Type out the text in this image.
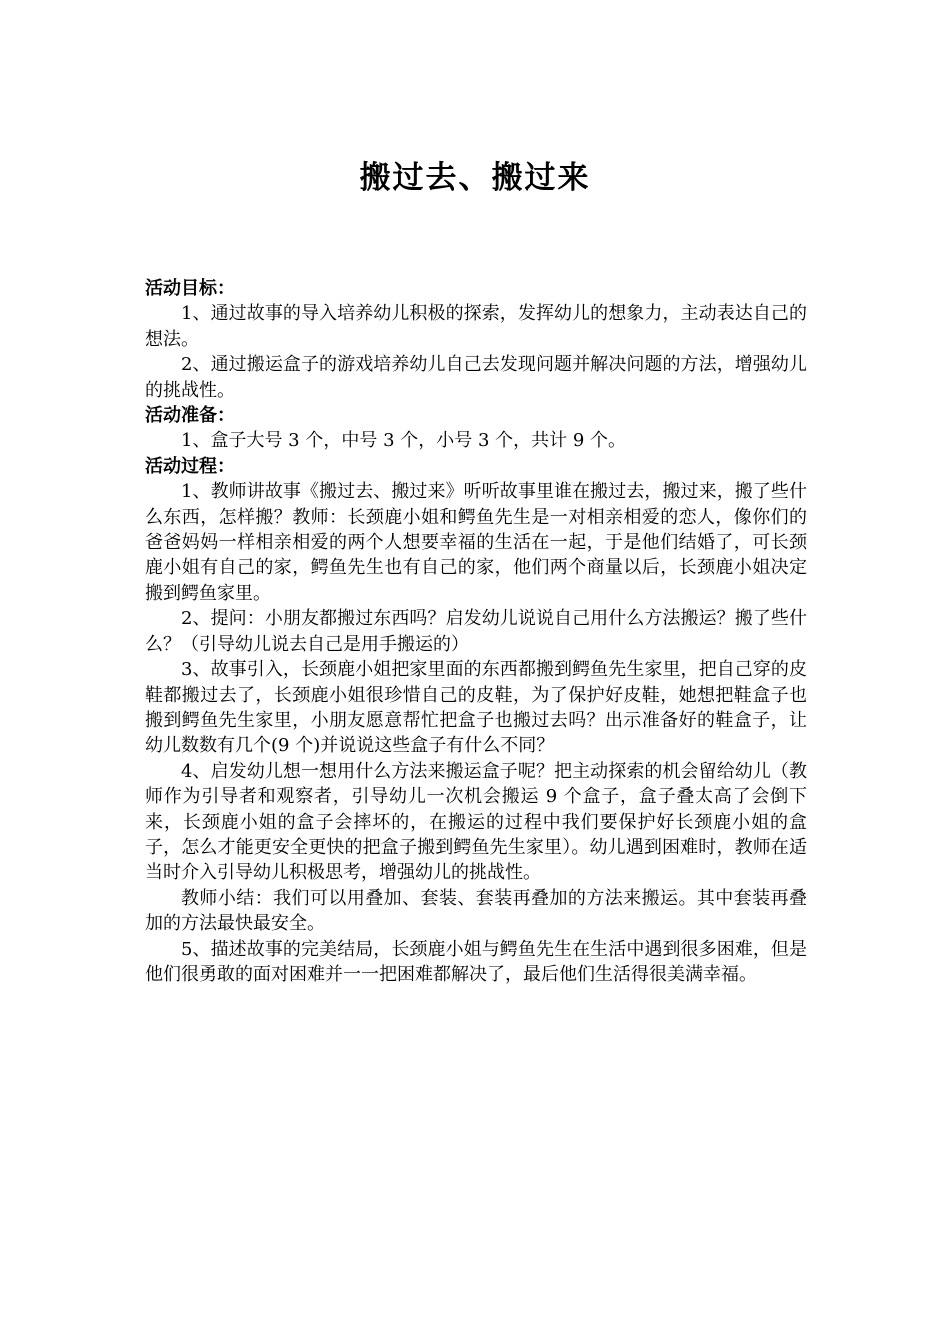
搬过去、搬过来

活动目标：

1、通过故事的导入培养幼儿积极的探索，发挥幼儿的想象力，主动表达自己的想法。

2、通过搬运盒子的游戏培养幼儿自己去发现问题并解决问题的方法，增强幼儿的挑战性。

活动准备：

1、盒子大号 3 个，中号 3 个，小号 3 个，共计 9 个。

活动过程：

1、教师讲故事《搬过去、搬过来》听听故事里谁在搬过去，搬过来，搬了些什么东西，怎样搬？教师：长颈鹿小姐和鳄鱼先生是一对相亲相爱的恋人，像你们的爸爸妈妈一样相亲相爱的两个人想要幸福的生活在一起，于是他们结婚了，可长颈鹿小姐有自己的家，鳄鱼先生也有自己的家，他们两个商量以后，长颈鹿小姐决定搬到鳄鱼家里。

2、提问：小朋友都搬过东西吗？启发幼儿说说自己用什么方法搬运？搬了些什么？（引导幼儿说去自己是用手搬运的）

3、故事引入，长颈鹿小姐把家里面的东西都搬到鳄鱼先生家里，把自己穿的皮鞋都搬过去了，长颈鹿小姐很珍惜自己的皮鞋，为了保护好皮鞋，她想把鞋盒子也搬到鳄鱼先生家里，小朋友愿意帮忙把盒子也搬过去吗？出示准备好的鞋盒子，让幼儿数数有几个(9 个)并说说这些盒子有什么不同？

4、启发幼儿想一想用什么方法来搬运盒子呢？把主动探索的机会留给幼儿（教师作为引导者和观察者，引导幼儿一次机会搬运 9 个盒子，盒子叠太高了会倒下来，长颈鹿小姐的盒子会摔坏的，在搬运的过程中我们要保护好长颈鹿小姐的盒子，怎么才能更安全更快的把盒子搬到鳄鱼先生家里）。幼儿遇到困难时，教师在适当时介入引导幼儿积极思考，增强幼儿的挑战性。

教师小结：我们可以用叠加、套装、套装再叠加的方法来搬运。其中套装再叠加的方法最快最安全。

5、描述故事的完美结局，长颈鹿小姐与鳄鱼先生在生活中遇到很多困难，但是他们很勇敢的面对困难并一一把困难都解决了，最后他们生活得很美满幸福。
